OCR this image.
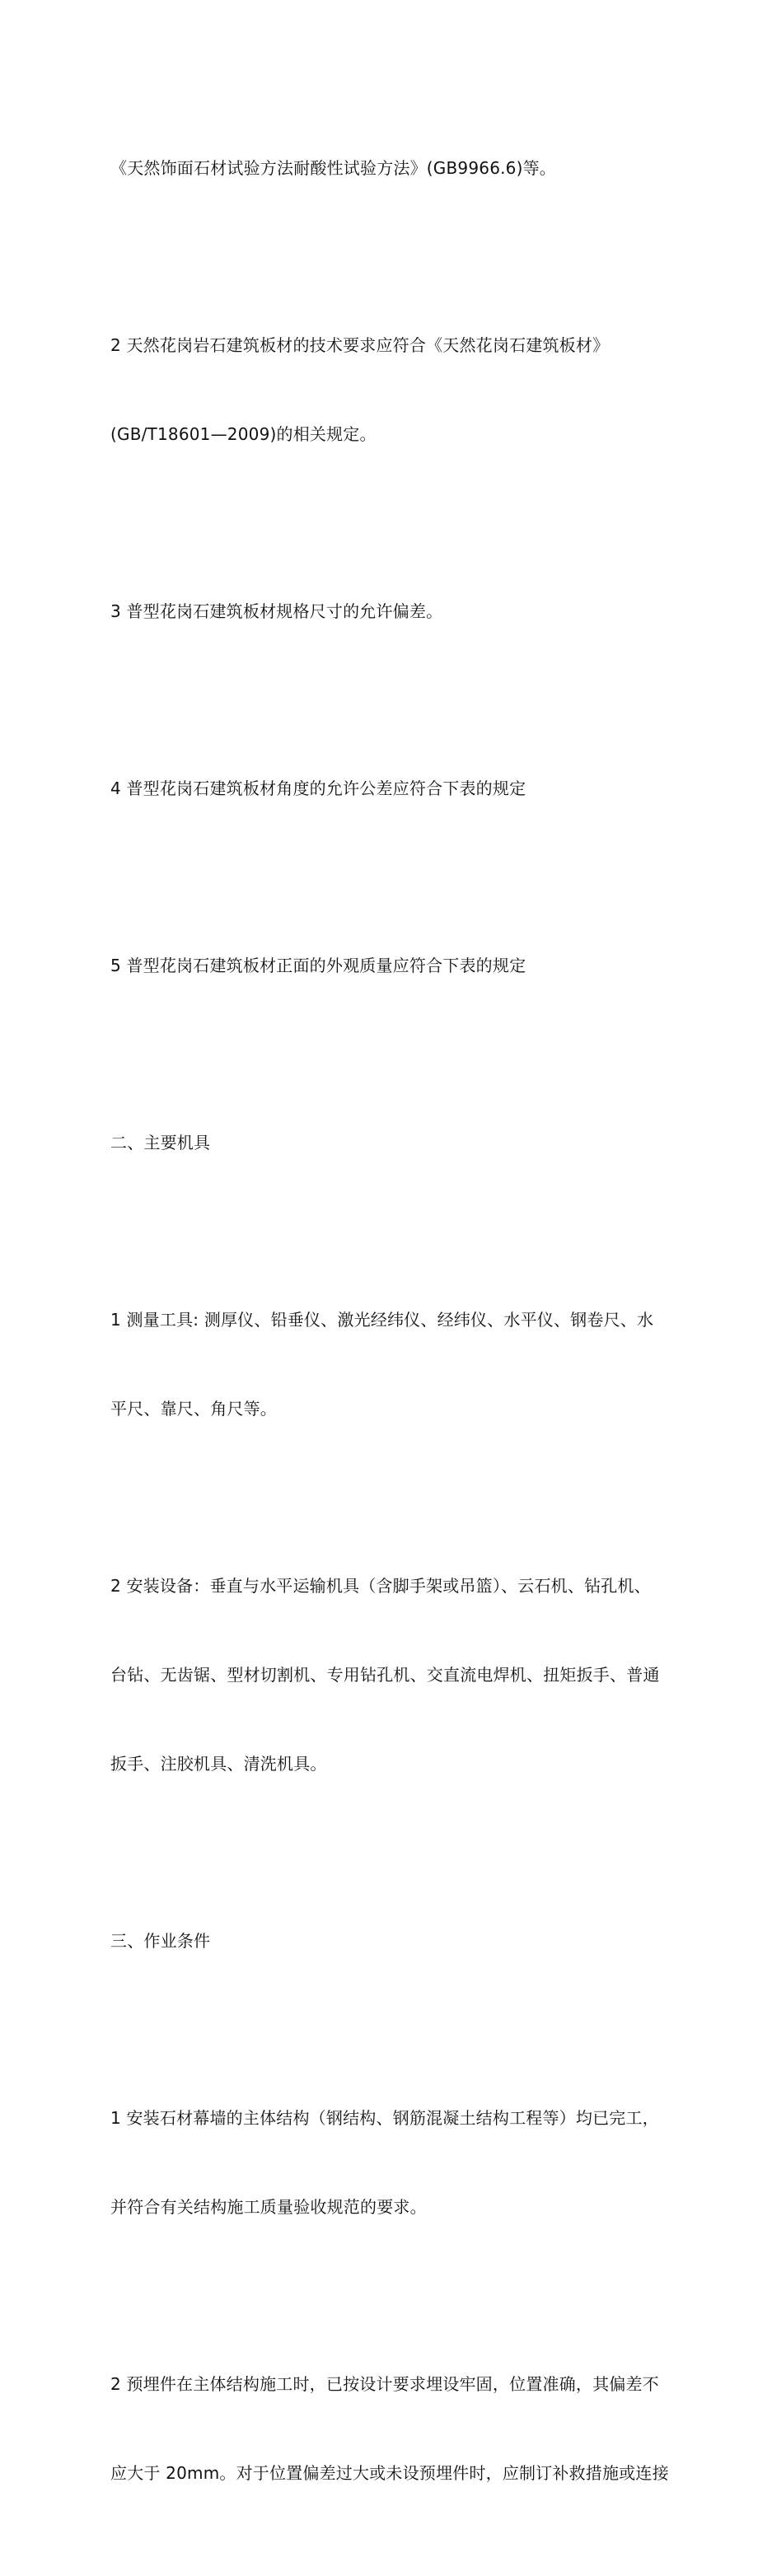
《天然饰面石材试验方法耐酸性试验方法》(GB9966.6)等。

2 天然花岗岩石建筑板材的技术要求应符合《天然花岗石建筑板材》

(GB/T18601—2009)的相关规定。

3 普型花岗石建筑板材规格尺寸的允许偏差。

4 普型花岗石建筑板材角度的允许公差应符合下表的规定

5 普型花岗石建筑板材正面的外观质量应符合下表的规定

二、主要机具

1 测量工具: 测厚仪、铅垂仪、激光经纬仪、经纬仪、水平仪、钢卷尺、水

平尺、靠尺、角尺等。

2 安装设备：垂直与水平运输机具（含脚手架或吊篮）、云石机、钻孔机、

台钻、无齿锯、型材切割机、专用钻孔机、交直流电焊机、扭矩扳手、普通

扳手、注胶机具、清洗机具。

三、作业条件

1 安装石材幕墙的主体结构（钢结构、钢筋混凝土结构工程等）均已完工，

并符合有关结构施工质量验收规范的要求。

2 预埋件在主体结构施工时，已按设计要求埋设牢固，位置准确，其偏差不

应大于 20mm。对于位置偏差过大或未设预埋件时，应制订补救措施或连接
